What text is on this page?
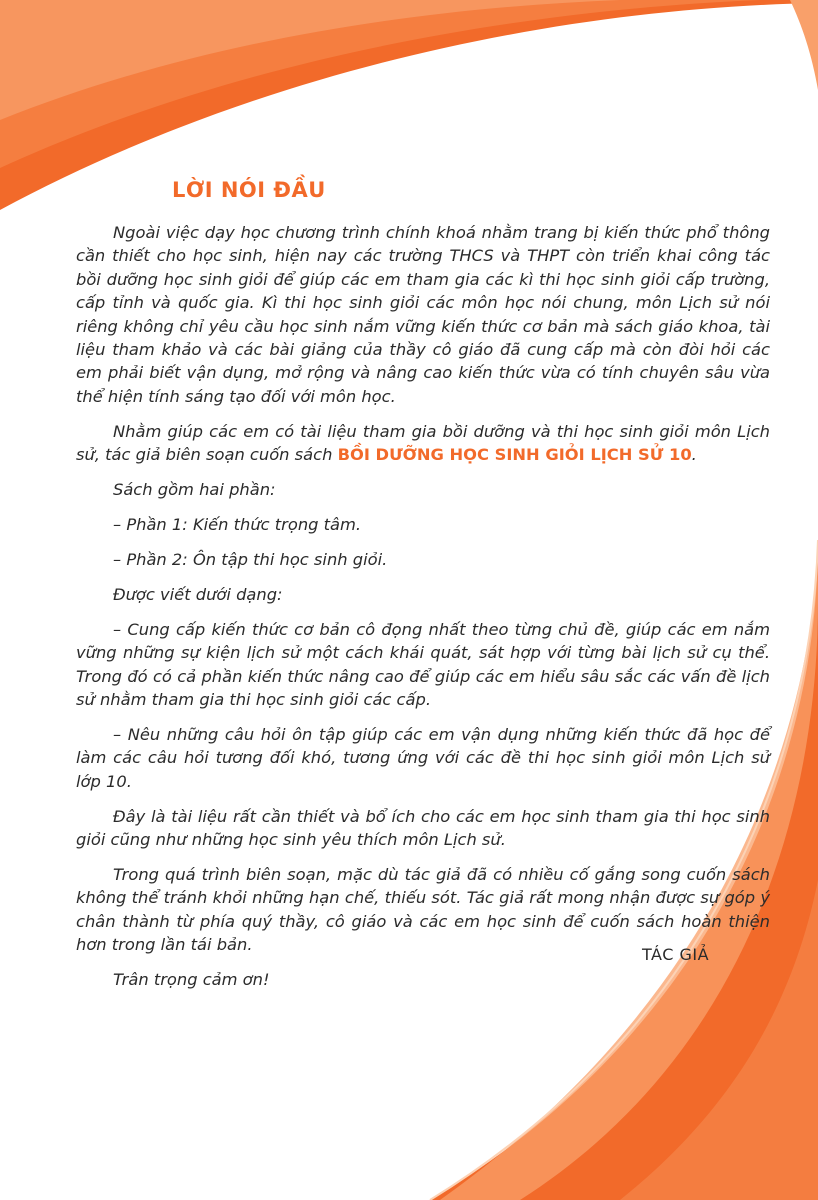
LỜI NÓI ĐẦU

Ngoài việc dạy học chương trình chính khoá nhằm trang bị kiến thức phổ thông cần thiết cho học sinh, hiện nay các trường THCS và THPT còn triển khai công tác bồi dưỡng học sinh giỏi để giúp các em tham gia các kì thi học sinh giỏi cấp trường, cấp tỉnh và quốc gia. Kì thi học sinh giỏi các môn học nói chung, môn Lịch sử nói riêng không chỉ yêu cầu học sinh nắm vững kiến thức cơ bản mà sách giáo khoa, tài liệu tham khảo và các bài giảng của thầy cô giáo đã cung cấp mà còn đòi hỏi các em phải biết vận dụng, mở rộng và nâng cao kiến thức vừa có tính chuyên sâu vừa thể hiện tính sáng tạo đối với môn học.

Nhằm giúp các em có tài liệu tham gia bồi dưỡng và thi học sinh giỏi môn Lịch sử, tác giả biên soạn cuốn sách BỒI DƯỠNG HỌC SINH GIỎI LỊCH SỬ 10.

Sách gồm hai phần:

– Phần 1: Kiến thức trọng tâm.

– Phần 2: Ôn tập thi học sinh giỏi.

Được viết dưới dạng:

– Cung cấp kiến thức cơ bản cô đọng nhất theo từng chủ đề, giúp các em nắm vững những sự kiện lịch sử một cách khái quát, sát hợp với từng bài lịch sử cụ thể. Trong đó có cả phần kiến thức nâng cao để giúp các em hiểu sâu sắc các vấn đề lịch sử nhằm tham gia thi học sinh giỏi các cấp.

– Nêu những câu hỏi ôn tập giúp các em vận dụng những kiến thức đã học để làm các câu hỏi tương đối khó, tương ứng với các đề thi học sinh giỏi môn Lịch sử lớp 10.

Đây là tài liệu rất cần thiết và bổ ích cho các em học sinh tham gia thi học sinh giỏi cũng như những học sinh yêu thích môn Lịch sử.

Trong quá trình biên soạn, mặc dù tác giả đã có nhiều cố gắng song cuốn sách không thể tránh khỏi những hạn chế, thiếu sót. Tác giả rất mong nhận được sự góp ý chân thành từ phía quý thầy, cô giáo và các em học sinh để cuốn sách hoàn thiện hơn trong lần tái bản.

Trân trọng cảm ơn!

TÁC GIẢ
